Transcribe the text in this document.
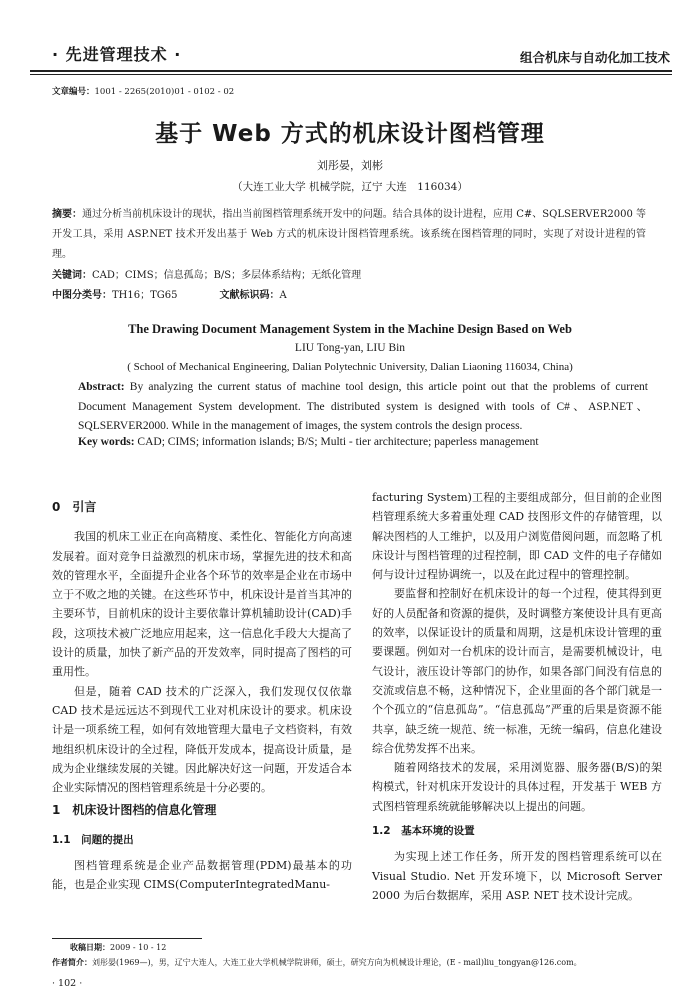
· 先进管理技术 ·	组合机床与自动化加工技术
文章编号：1001 - 2265(2010)01 - 0102 - 02
基于 Web 方式的机床设计图档管理
刘彤晏，刘彬
（大连工业大学 机械学院，辽宁 大连　116034）
摘要：通过分析当前机床设计的现状，指出当前图档管理系统开发中的问题。结合具体的设计进程，应用 C#、SQLSERVER2000 等开发工具，采用 ASP.NET 技术开发出基于 Web 方式的机床设计图档管理系统。该系统在图档管理的同时，实现了对设计进程的管理。
关键词：CAD；CIMS；信息孤岛；B/S；多层体系结构；无纸化管理
中图分类号：TH16；TG65	文献标识码：A
The Drawing Document Management System in the Machine Design Based on Web
LIU Tong-yan, LIU Bin
( School of Mechanical Engineering, Dalian Polytechnic University, Dalian Liaoning 116034, China)
Abstract: By analyzing the current status of machine tool design, this article point out that the problems of current Document Management System development. The distributed system is designed with tools of C#、ASP.NET、SQLSERVER2000. While in the management of images, the system controls the design process.
Key words: CAD; CIMS; information islands; B/S; Multi - tier architecture; paperless management

0　引言

我国的机床工业正在向高精度、柔性化、智能化方向高速发展着。面对竞争日益激烈的机床市场，掌握先进的技术和高效的管理水平，全面提升企业各个环节的效率是企业在市场中立于不败之地的关键。在这些环节中，机床设计是首当其冲的主要环节，目前机床的设计主要依靠计算机辅助设计(CAD)手段，这项技术被广泛地应用起来，这一信息化手段大大提高了设计的质量，加快了新产品的开发效率，同时提高了图档的可重用性。

但是，随着 CAD 技术的广泛深入，我们发现仅仅依靠 CAD 技术是远远达不到现代工业对机床设计的要求。机床设计是一项系统工程，如何有效地管理大量电子文档资料，有效地组织机床设计的全过程，降低开发成本，提高设计质量，是成为企业继续发展的关键。因此解决好这一问题，开发适合本企业实际情况的图档管理系统是十分必要的。

1　机床设计图档的信息化管理

1.1　问题的提出

图档管理系统是企业产品数据管理(PDM)最基本的功能，也是企业实现 CIMS(ComputerIntegratedManu-

facturing System)工程的主要组成部分，但目前的企业图档管理系统大多着重处理 CAD 技图形文件的存储管理，以解决图档的人工维护，以及用户浏览借阅问题，而忽略了机床设计与图档管理的过程控制，即 CAD 文件的电子存储如何与设计过程协调统一，以及在此过程中的管理控制。

要监督和控制好在机床设计的每一个过程，使其得到更好的人员配备和资源的提供，及时调整方案使设计具有更高的效率，以保证设计的质量和周期，这是机床设计管理的重要课题。例如对一台机床的设计而言，是需要机械设计，电气设计，液压设计等部门的协作，如果各部门间没有信息的交流或信息不畅，这种情况下，企业里面的各个部门就是一个个孤立的“信息孤岛”。“信息孤岛”严重的后果是资源不能共享，缺乏统一规范、统一标准，无统一编码，信息化建设综合优势发挥不出来。

随着网络技术的发展，采用浏览器、服务器(B/S)的架构模式，针对机床开发设计的具体过程，开发基于 WEB 方式图档管理系统就能够解决以上提出的问题。

1.2　基本环境的设置

为实现上述工作任务，所开发的图档管理系统可以在 Visual Studio. Net 开发环境下，以 Microsoft Server 2000 为后台数据库，采用 ASP. NET 技术设计完成。

收稿日期：2009 - 10 - 12
作者简介：刘彤晏(1969—)，男，辽宁大连人，大连工业大学机械学院讲师，硕士，研究方向为机械设计理论，(E - mail)liu_tongyan@126.com。
· 102 ·
